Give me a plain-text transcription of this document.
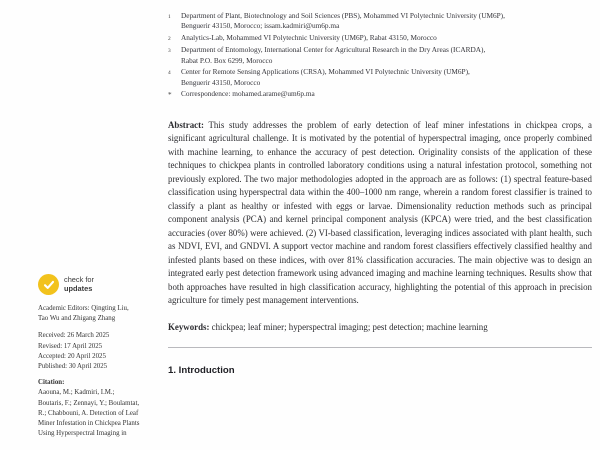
check for
updates
Academic Editors: Qingting Liu,
Tao Wu and Zhigang Zhang
Received: 26 March 2025
Revised: 17 April 2025
Accepted: 20 April 2025
Published: 30 April 2025
Citation:
Aaouna, M.; Kadmiri, I.M.;
Boutaris, F.; Zennayi, Y.; Boulamtat,
R.; Chabbouni, A. Detection of Leaf
Miner Infestation in Chickpea Plants
Using Hyperspectral Imaging in
1	Department of Plant, Biotechnology and Soil Sciences (PBS), Mohammed VI Polytechnic University (UM6P),
Benguerir 43150, Morocco; issam.kadmiri@um6p.ma
2	Analytics-Lab, Mohammed VI Polytechnic University (UM6P), Rabat 43150, Morocco
3	Department of Entomology, International Center for Agricultural Research in the Dry Areas (ICARDA),
Rabat P.O. Box 6299, Morocco
4	Center for Remote Sensing Applications (CRSA), Mohammed VI Polytechnic University (UM6P),
Benguerir 43150, Morocco
*	Correspondence: mohamed.arame@um6p.ma
Abstract: This study addresses the problem of early detection of leaf miner infestations in chickpea crops, a significant agricultural challenge. It is motivated by the potential of hyperspectral imaging, once properly combined with machine learning, to enhance the accuracy of pest detection. Originality consists of the application of these techniques to chickpea plants in controlled laboratory conditions using a natural infestation protocol, something not previously explored. The two major methodologies adopted in the approach are as follows: (1) spectral feature-based classification using hyperspectral data within the 400–1000 nm range, wherein a random forest classifier is trained to classify a plant as healthy or infested with eggs or larvae. Dimensionality reduction methods such as principal component analysis (PCA) and kernel principal component analysis (KPCA) were tried, and the best classification accuracies (over 80%) were achieved. (2) VI-based classification, leveraging indices associated with plant health, such as NDVI, EVI, and GNDVI. A support vector machine and random forest classifiers effectively classified healthy and infested plants based on these indices, with over 81% classification accuracies. The main objective was to design an integrated early pest detection framework using advanced imaging and machine learning techniques. Results show that both approaches have resulted in high classification accuracy, highlighting the potential of this approach in precision agriculture for timely pest management interventions.
Keywords: chickpea; leaf miner; hyperspectral imaging; pest detection; machine learning
1. Introduction
